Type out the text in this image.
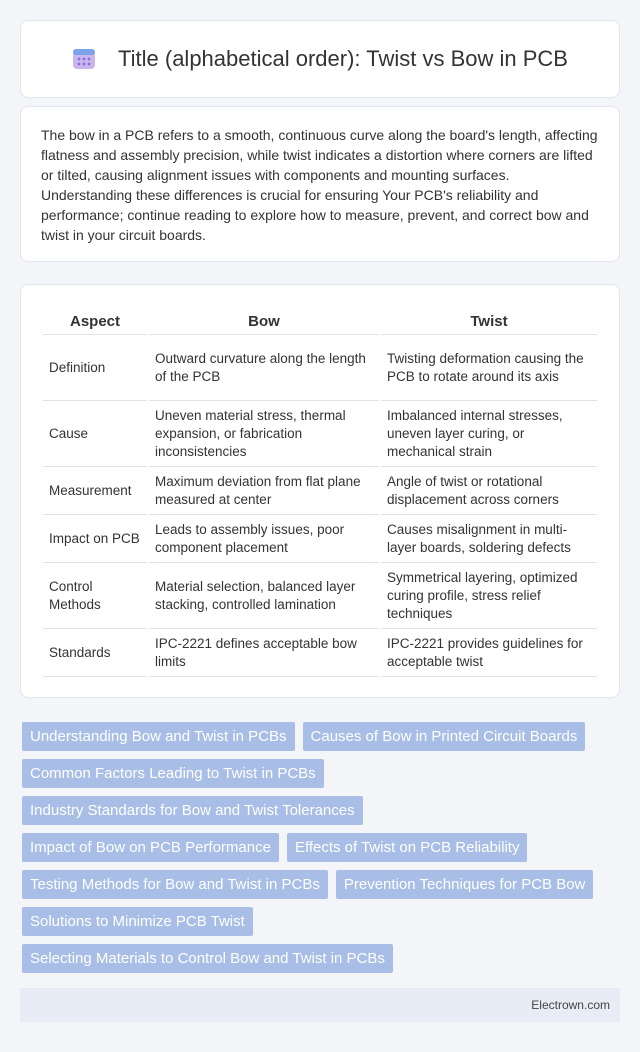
Title (alphabetical order): Twist vs Bow in PCB

The bow in a PCB refers to a smooth, continuous curve along the board's length, affecting flatness and assembly precision, while twist indicates a distortion where corners are lifted or tilted, causing alignment issues with components and mounting surfaces. Understanding these differences is crucial for ensuring Your PCB's reliability and performance; continue reading to explore how to measure, prevent, and correct bow and twist in your circuit boards.

Aspect	Bow	Twist
Definition	Outward curvature along the length of the PCB	Twisting deformation causing the PCB to rotate around its axis
Cause	Uneven material stress, thermal expansion, or fabrication inconsistencies	Imbalanced internal stresses, uneven layer curing, or mechanical strain
Measurement	Maximum deviation from flat plane measured at center	Angle of twist or rotational displacement across corners
Impact on PCB	Leads to assembly issues, poor component placement	Causes misalignment in multi-layer boards, soldering defects
Control Methods	Material selection, balanced layer stacking, controlled lamination	Symmetrical layering, optimized curing profile, stress relief techniques
Standards	IPC-2221 defines acceptable bow limits	IPC-2221 provides guidelines for acceptable twist
Understanding Bow and Twist in PCBs	Causes of Bow in Printed Circuit Boards
Common Factors Leading to Twist in PCBs
Industry Standards for Bow and Twist Tolerances
Impact of Bow on PCB Performance	Effects of Twist on PCB Reliability
Testing Methods for Bow and Twist in PCBs	Prevention Techniques for PCB Bow
Solutions to Minimize PCB Twist
Selecting Materials to Control Bow and Twist in PCBs
Electrown.com
